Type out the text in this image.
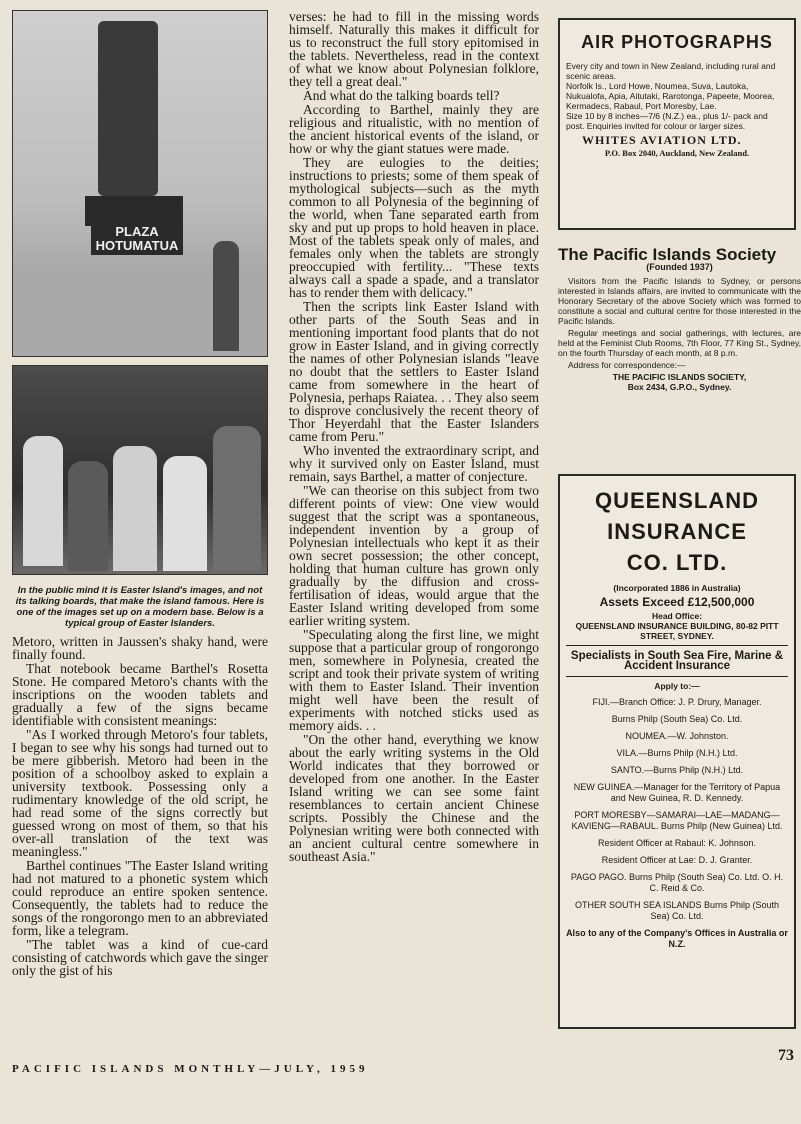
PLAZA HOTUMATUA
In the public mind it is Easter Island's images, and not its talking boards, that make the island famous. Here is one of the images set up on a modern base. Below is a typical group of Easter Islanders.

Metoro, written in Jaussen's shaky hand, were finally found.

That notebook became Barthel's Rosetta Stone. He compared Metoro's chants with the inscriptions on the wooden tablets and gradually a few of the signs became identifiable with consistent meanings:

"As I worked through Metoro's four tablets, I began to see why his songs had turned out to be mere gibberish. Metoro had been in the position of a schoolboy asked to explain a university textbook. Possessing only a rudimentary knowledge of the old script, he had read some of the signs correctly but guessed wrong on most of them, so that his over-all translation of the text was meaningless."

Barthel continues "The Easter Island writing had not matured to a phonetic system which could reproduce an entire spoken sentence. Consequently, the tablets had to reduce the songs of the rongorongo men to an abbreviated form, like a telegram.

"The tablet was a kind of cue-card consisting of catchwords which gave the singer only the gist of his

verses: he had to fill in the missing words himself. Naturally this makes it difficult for us to reconstruct the full story epitomised in the tablets. Nevertheless, read in the context of what we know about Polynesian folklore, they tell a great deal."

And what do the talking boards tell?

According to Barthel, mainly they are religious and ritualistic, with no mention of the ancient historical events of the island, or how or why the giant statues were made.

They are eulogies to the deities; instructions to priests; some of them speak of mythological subjects—such as the myth common to all Polynesia of the beginning of the world, when Tane separated earth from sky and put up props to hold heaven in place. Most of the tablets speak only of males, and females only when the tablets are strongly preoccupied with fertility... "These texts always call a spade a spade, and a translator has to render them with delicacy."

Then the scripts link Easter Island with other parts of the South Seas and in mentioning important food plants that do not grow in Easter Island, and in giving correctly the names of other Polynesian islands "leave no doubt that the settlers to Easter Island came from somewhere in the heart of Polynesia, perhaps Raiatea. . . They also seem to disprove conclusively the recent theory of Thor Heyerdahl that the Easter Islanders came from Peru."

Who invented the extraordinary script, and why it survived only on Easter Island, must remain, says Barthel, a matter of conjecture.

"We can theorise on this subject from two different points of view: One view would suggest that the script was a spontaneous, independent invention by a group of Polynesian intellectuals who kept it as their own secret possession; the other concept, holding that human culture has grown only gradually by the diffusion and cross-fertilisation of ideas, would argue that the Easter Island writing developed from some earlier writing system.

"Speculating along the first line, we might suppose that a particular group of rongorongo men, somewhere in Polynesia, created the script and took their private system of writing with them to Easter Island. Their invention might well have been the result of experiments with notched sticks used as memory aids. . .

"On the other hand, everything we know about the early writing systems in the Old World indicates that they borrowed or developed from one another. In the Easter Island writing we can see some faint resemblances to certain ancient Chinese scripts. Possibly the Chinese and the Polynesian writing were both connected with an ancient cultural centre somewhere in southeast Asia."

AIR PHOTOGRAPHS
Every city and town in New Zealand, including rural and scenic areas.
Norfolk Is., Lord Howe, Noumea, Suva, Lautoka, Nukualofa, Apia, Aitutaki, Rarotonga, Papeete, Moorea, Kermadecs, Rabaul, Port Moresby, Lae.
Size 10 by 8 inches—7/6 (N.Z.) ea., plus 1/- pack and post. Enquiries invited for colour or larger sizes.
WHITES AVIATION LTD.
P.O. Box 2040, Auckland, New Zealand.
The Pacific Islands Society
(Founded 1937)

Visitors from the Pacific Islands to Sydney, or persons interested in Islands affairs, are invited to communicate with the Honorary Secretary of the above Society which was formed to constitute a social and cultural centre for those interested in the Pacific Islands.

Regular meetings and social gatherings, with lectures, are held at the Feminist Club Rooms, 7th Floor, 77 King St., Sydney, on the fourth Thursday of each month, at 8 p.m.

Address for correspondence:—

THE PACIFIC ISLANDS SOCIETY,
Box 2434, G.P.O., Sydney.
QUEENSLAND
INSURANCE
CO. LTD.
(Incorporated 1886 in Australia)
Assets Exceed £12,500,000
Head Office:
QUEENSLAND INSURANCE BUILDING, 80-82 PITT STREET, SYDNEY.
Specialists in South Sea Fire, Marine & Accident Insurance
Apply to:—
FIJI.—Branch Office: J. P. Drury, Manager.
Burns Philp (South Sea) Co. Ltd.
NOUMEA.—W. Johnston.
VILA.—Burns Philp (N.H.) Ltd.
SANTO.—Burns Philp (N.H.) Ltd.
NEW GUINEA.—Manager for the Territory of Papua and New Guinea, R. D. Kennedy.
PORT MORESBY—SAMARAI—LAE—MADANG—KAVIENG—RABAUL. Burns Philp (New Guinea) Ltd.
Resident Officer at Rabaul: K. Johnson.
Resident Officer at Lae: D. J. Granter.
PAGO PAGO. Burns Philp (South Sea) Co. Ltd. O. H. C. Reid & Co.
OTHER SOUTH SEA ISLANDS Burns Philp (South Sea) Co. Ltd.
Also to any of the Company's Offices in Australia or N.Z.
PACIFIC ISLANDS MONTHLY—JULY, 1959
73
